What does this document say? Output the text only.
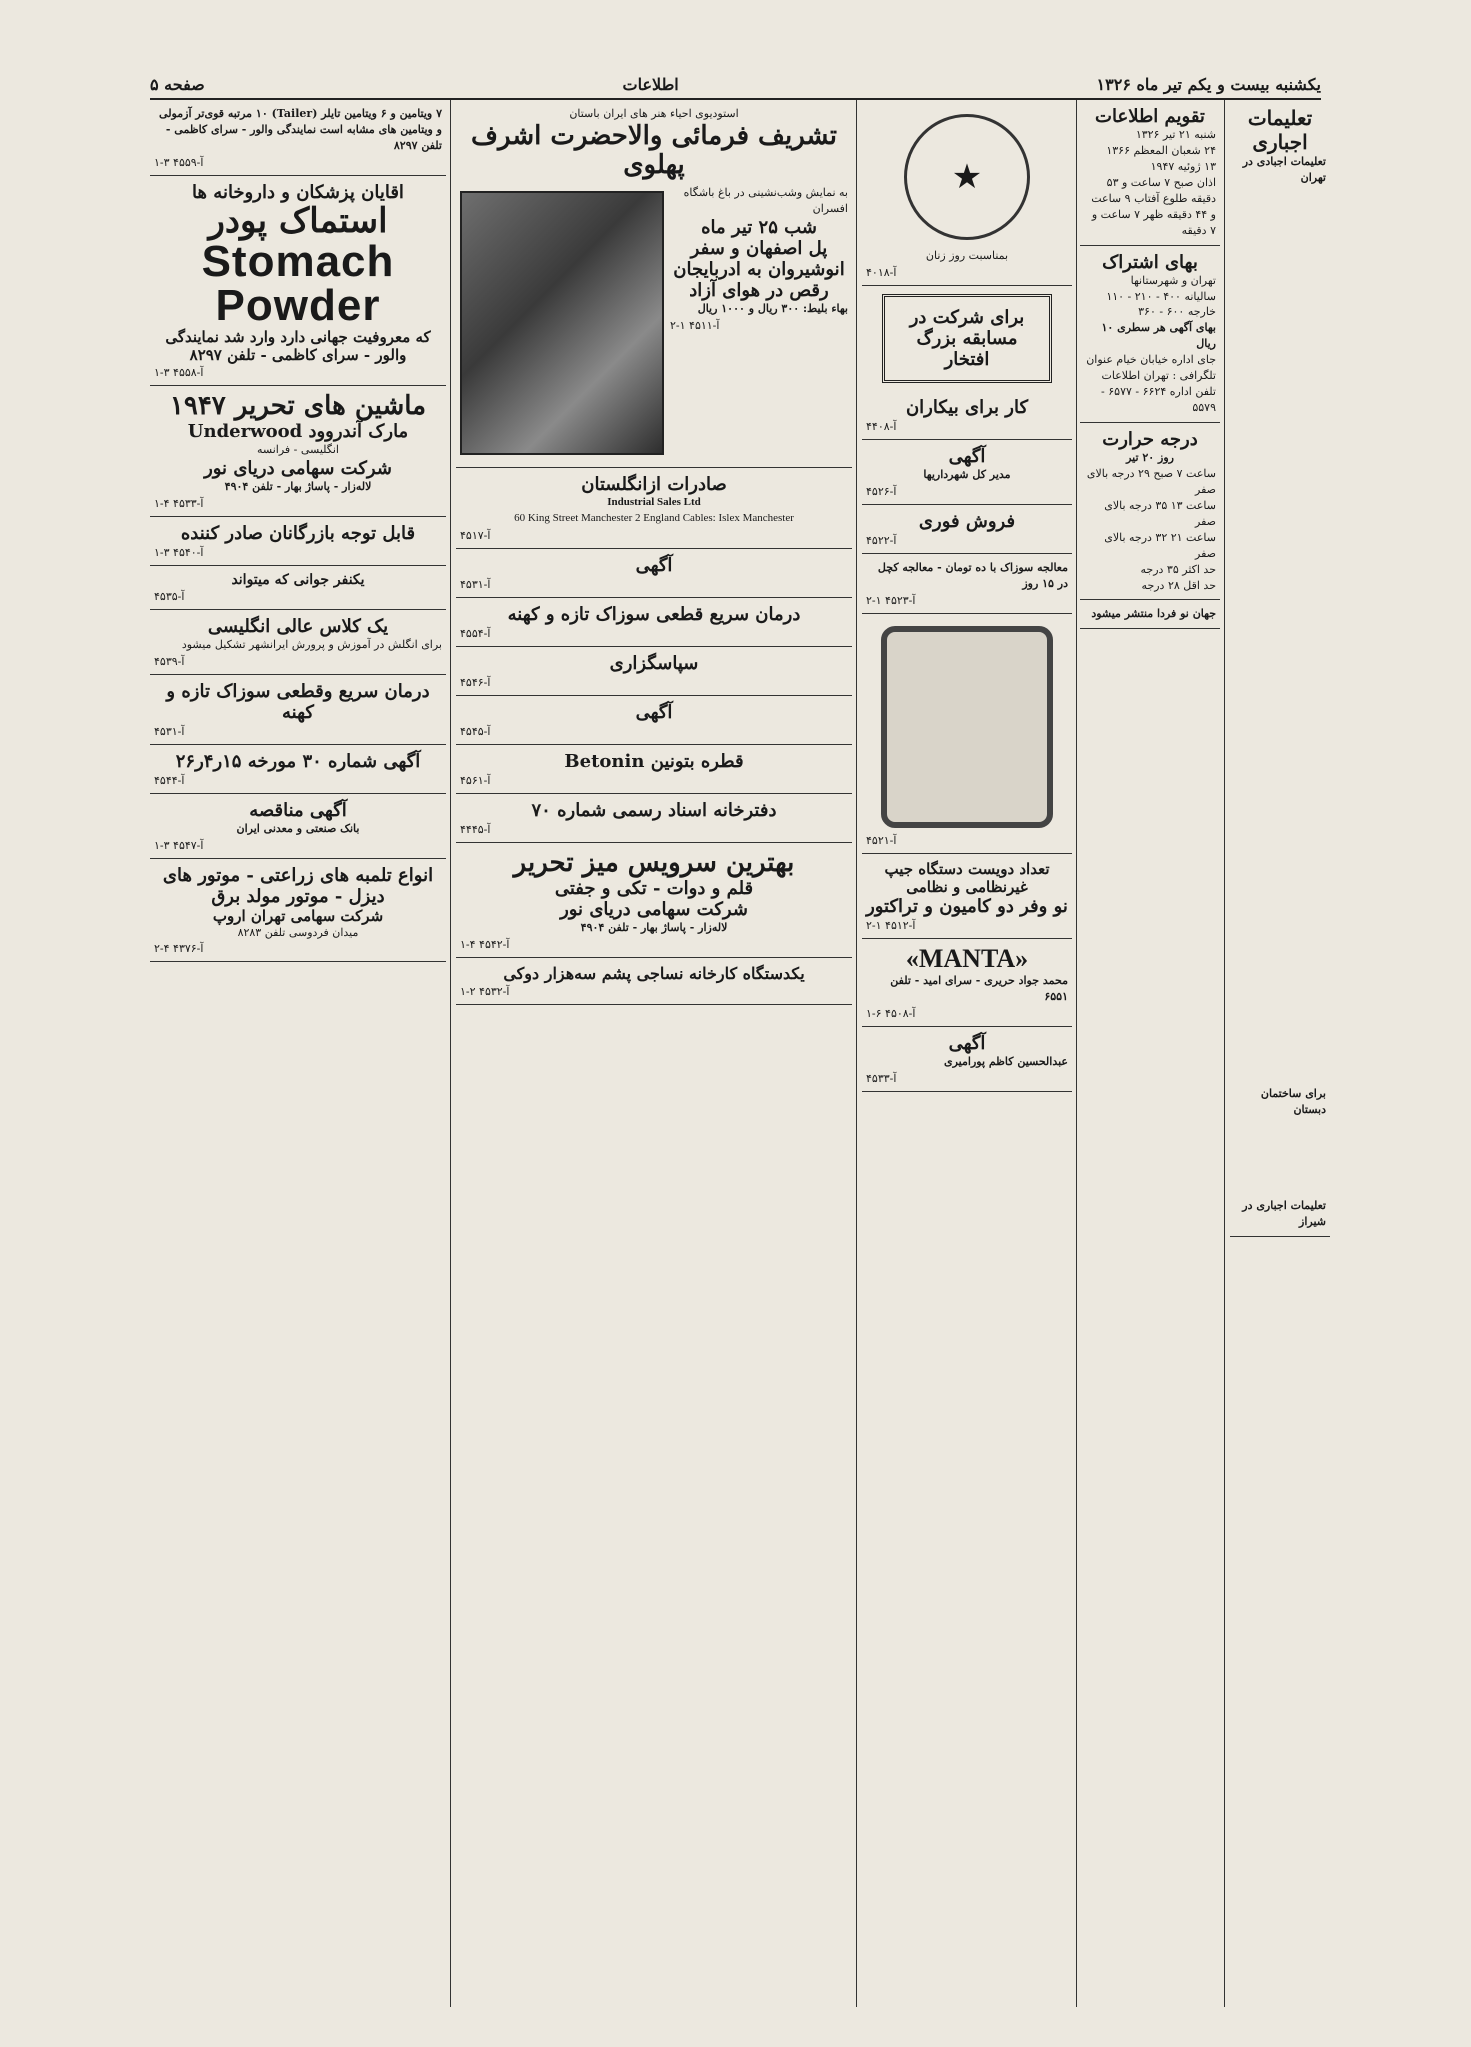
صفحه ۵	اطلاعات	یکشنبه بیست و یکم تیر ماه ۱۳۲۶
۷ ویتامین و ۶ ویتامین تایلر (Tailer) ۱۰ مرتبه قوی‌تر آزمولی و ویتامین های مشابه است نمایندگی والور - سرای کاظمی - تلفن ۸۲۹۷
۱-۳ ۴۵۵۹-آ
اقایان پزشکان و داروخانه ها
استماک پودر
Stomach Powder
که معروفیت جهانی دارد وارد شد نمایندگی والور - سرای کاظمی - تلفن ۸۲۹۷
۱-۳ ۴۵۵۸-آ
ماشین های تحریر ۱۹۴۷
مارک آندروود Underwood
انگلیسی - فرانسه
شرکت سهامی دریای نور
لاله‌زار - پاساژ بهار - تلفن ۴۹۰۴
۱-۴ ۴۵۳۳-آ
قابل توجه بازرگانان صادر کننده
۱-۳ ۴۵۴۰-آ
یکنفر جوانی که میتواند
۴۵۳۵-آ
یک کلاس عالی انگلیسی
برای انگلش در آموزش و پرورش ایرانشهر تشکیل میشود
۴۵۳۹-آ
درمان سریع وقطعی سوزاک تازه و کهنه
۴۵۳۱-آ
آگهی شماره ۳۰ مورخه ۱۵ر۴ر۲۶
۴۵۴۴-آ
آگهی مناقصه
بانک صنعتی و معدنی ایران
۱-۳ ۴۵۴۷-آ
انواع تلمبه های زراعتی - موتور های دیزل - موتور مولد برق
شرکت سهامی تهران اروپ
میدان فردوسی تلفن ۸۲۸۳
۲-۴ ۴۳۷۶-آ
استودیوی احیاء هنر های ایران باستان
تشریف فرمائی والاحضرت اشرف پهلوی
به نمایش وشب‌نشینی در باغ باشگاه افسران
شب ۲۵ تیر ماه
پل اصفهان و سفر انوشیروان به ادربایجان
رقص در هوای آزاد
بهاء بلیط: ۳۰۰ ریال و ۱۰۰۰ ریال
۲-۱ ۴۵۱۱-آ
صادرات ازانگلستان
Industrial Sales Ltd
60 King Street Manchester 2 England Cables: Islex Manchester
۴۵۱۷-آ
آگهی
۴۵۳۱-آ
درمان سریع قطعی سوزاک تازه و کهنه
۴۵۵۴-آ
سپاسگزاری
۴۵۴۶-آ
آگهی
۴۵۴۵-آ
قطره بتونین Betonin
۴۵۶۱-آ
دفترخانه اسناد رسمی شماره ۷۰
۴۴۴۵-آ
بهترین سرویس میز تحریر
قلم و دوات - تکی و جفتی
شرکت سهامی دریای نور
لاله‌زار - پاساژ بهار - تلفن ۴۹۰۴
۱-۴ ۴۵۴۲-آ
یکدستگاه کارخانه نساجی پشم سه‌هزار دوکی
۱-۲ ۴۵۳۲-آ
★
بمناسبت روز زنان
۴۰۱۸-آ
برای شرکت در مسابقه بزرگ افتخار
کار برای بیکاران
۴۴۰۸-آ
آگهی
مدیر کل شهرداریها
۴۵۲۶-آ
فروش فوری
۴۵۲۲-آ
معالجه سوزاک با ده تومان - معالجه کچل در ۱۵ روز
۲-۱ ۴۵۲۳-آ
۴۵۲۱-آ
تعداد دویست دستگاه جیپ غیرنظامی و نظامی
نو وفر دو کامیون و تراکتور
۲-۱ ۴۵۱۲-آ
«MANTA»
محمد جواد حریری - سرای امید - تلفن ۶۵۵۱
۱-۶ ۴۵۰۸-آ
آگهی
عبدالحسین کاظم پورامیری
۴۵۳۳-آ
تقویم اطلاعات
شنبه ۲۱ تیر ۱۳۲۶
۲۴ شعبان المعظم ۱۳۶۶
۱۳ ژوئیه ۱۹۴۷
اذان صبح ۷ ساعت و ۵۳ دقیقه طلوع آفتاب ۹ ساعت و ۴۴ دقیقه ظهر ۷ ساعت و ۷ دقیقه
بهای اشتراک
تهران و شهرستانها
سالیانه ۴۰۰ - ۲۱۰ - ۱۱۰
خارجه ۶۰۰ - ۳۶۰
بهای آگهی هر سطری ۱۰ ریال
جای اداره خیابان خیام عنوان تلگرافی : تهران اطلاعات تلفن اداره ۶۶۲۴ - ۶۵۷۷ - ۵۵۷۹
درجه حرارت
روز ۲۰ تیر
ساعت ۷ صبح ۲۹ درجه بالای صفر
ساعت ۱۳ ۳۵ درجه بالای صفر
ساعت ۲۱ ۳۲ درجه بالای صفر
حد اکثر ۳۵ درجه
حد اقل ۲۸ درجه
جهان نو فردا منتشر میشود
تعلیمات اجباری
تعلیمات اجبادی در تهران
برای ساختمان دبستان
تعلیمات اجباری در شیراز
